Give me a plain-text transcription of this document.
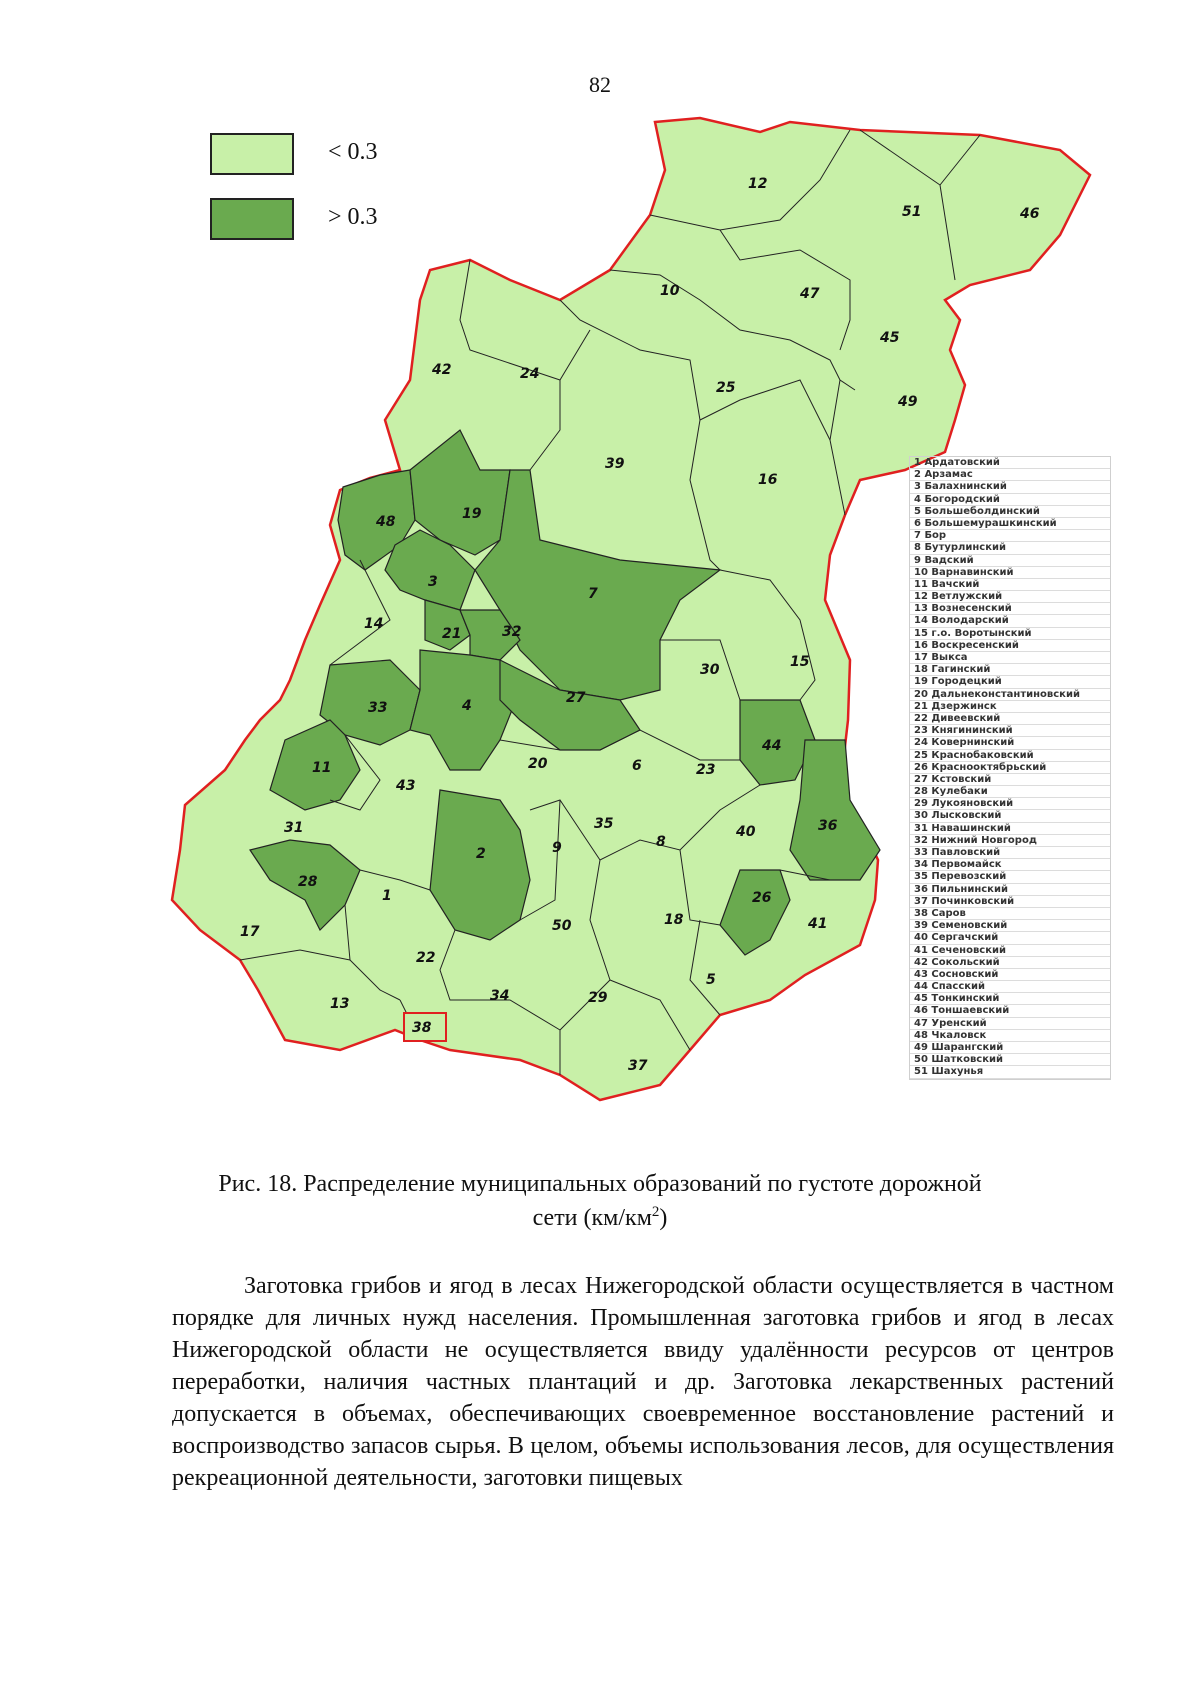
82
< 0.3
> 0.3
12
51	46
10	47
45
42	24
25
49
39
16
48	19
3
7
14
21	32
30	15
33	4	27
44
11
43
20	6	23
31
2	9
35
8
40	36
28
1	26
50	18
17
22
41
5
13
38
34	29
37
1 Ардатовский
2 Арзамас
3 Балахнинский
4 Богородский
5 Большеболдинский
6 Большемурашкинский
7 Бор
8 Бутурлинский
9 Вадский
10 Варнавинский
11 Вачский
12 Ветлужский
13 Вознесенский
14 Володарский
15 г.о. Воротынский
16 Воскресенский
17 Выкса
18 Гагинский
19 Городецкий
20 Дальнеконстантиновский
21 Дзержинск
22 Дивеевский
23 Княгининский
24 Ковернинский
25 Краснобаковский
26 Краснооктябрьский
27 Кстовский
28 Кулебаки
29 Лукояновский
30 Лысковский
31 Навашинский
32 Нижний Новгород
33 Павловский
34 Первомайск
35 Перевозский
36 Пильнинский
37 Починковский
38 Саров
39 Семеновский
40 Сергачский
41 Сеченовский
42 Сокольский
43 Сосновский
44 Спасский
45 Тонкинский
46 Тоншаевский
47 Уренский
48 Чкаловск
49 Шарангский
50 Шатковский
51 Шахунья
Рис. 18. Распределение муниципальных образований по густоте дорожной
сети $(км/км^2)$

Заготовка грибов и ягод в лесах Нижегородской области осуществляется в частном порядке для личных нужд населения. Промышленная заготовка грибов и ягод в лесах Нижегородской области не осуществляется ввиду удалённости ресурсов от центров переработки, наличия частных плантаций и др. Заготовка лекарственных растений допускается в объемах, обеспечивающих своевременное восстановление растений и воспроизводство запасов сырья. В целом, объемы использования лесов, для осуществления рекреационной деятельности, заготовки пищевых
